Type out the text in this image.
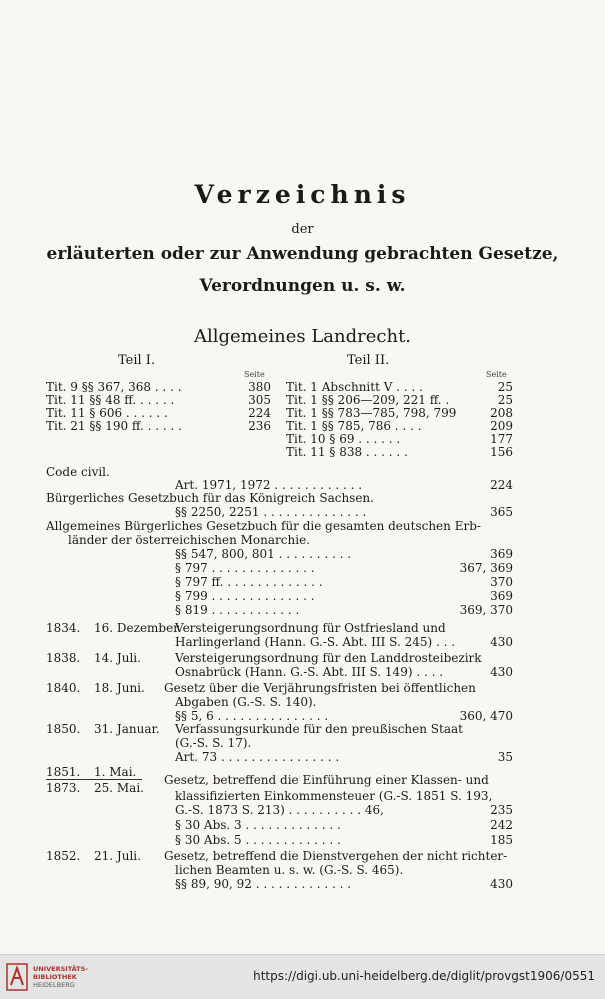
Verzeichnis
der
erläuterten oder zur Anwendung gebrachten Gesetze,
Verordnungen u. s. w.
Allgemeines Landrecht.
Teil I.
Seite
Tit. 9 §§ 367, 368 . . . .	380
Tit. 11 §§ 48 ff. . . . . .	305
Tit. 11 § 606 . . . . . .	224
Tit. 21 §§ 190 ff. . . . . .	236
Teil II.
Seite
Tit. 1 Abschnitt V . . . .	25
Tit. 1 §§ 206—209, 221 ff. .	25
Tit. 1 §§ 783—785, 798, 799	208
Tit. 1 §§ 785, 786 . . . .	209
Tit. 10 § 69 . . . . . .	177
Tit. 11 § 838 . . . . . .	156
Code civil.
Art. 1971, 1972 . . . . . . . . . . . .	224
Bürgerliches Gesetzbuch für das Königreich Sachsen.
§§ 2250, 2251 . . . . . . . . . . . . . .	365
Allgemeines Bürgerliches Gesetzbuch für die gesamten deutschen Erb-
länder der österreichischen Monarchie.
§§ 547, 800, 801 . . . . . . . . . .	369
§ 797 . . . . . . . . . . . . . .	367, 369
§ 797 ff. . . . . . . . . . . . . .	370
§ 799 . . . . . . . . . . . . . .	369
§ 819 . . . . . . . . . . . .	369, 370
1834. 16. Dezember.
Versteigerungsordnung für Ostfriesland und
Harlingerland (Hann. G.-S. Abt. III S. 245) . . .	430
1838. 14. Juli.	Versteigerungsordnung für den Landdrosteibezirk
Osnabrück (Hann. G.-S. Abt. III S. 149) . . . .	430
1840. 18. Juni. Gesetz über die Verjährungsfristen bei öffentlichen
Abgaben (G.-S. S. 140).
§§ 5, 6 . . . . . . . . . . . . . . .	360, 470
1850. 31. Januar. Verfassungsurkunde für den preußischen Staat
(G.-S. S. 17).
Art. 73 . . . . . . . . . . . . . . . .	35
1851. 1. Mai.
1873. 25. Mai.
Gesetz, betreffend die Einführung einer Klassen- und
klassifizierten Einkommensteuer (G.-S. 1851 S. 193,
G.-S. 1873 S. 213) . . . . . . . . . . 46,	235
§ 30 Abs. 3 . . . . . . . . . . . . .	242
§ 30 Abs. 5 . . . . . . . . . . . . .	185
1852. 21. Juli. Gesetz, betreffend die Dienstvergehen der nicht richter-
lichen Beamten u. s. w. (G.-S. S. 465).
§§ 89, 90, 92 . . . . . . . . . . . . .	430
UNIVERSITÄTS-
BIBLIOTHEK
HEIDELBERG
https://digi.ub.uni-heidelberg.de/diglit/provgst1906/0551
